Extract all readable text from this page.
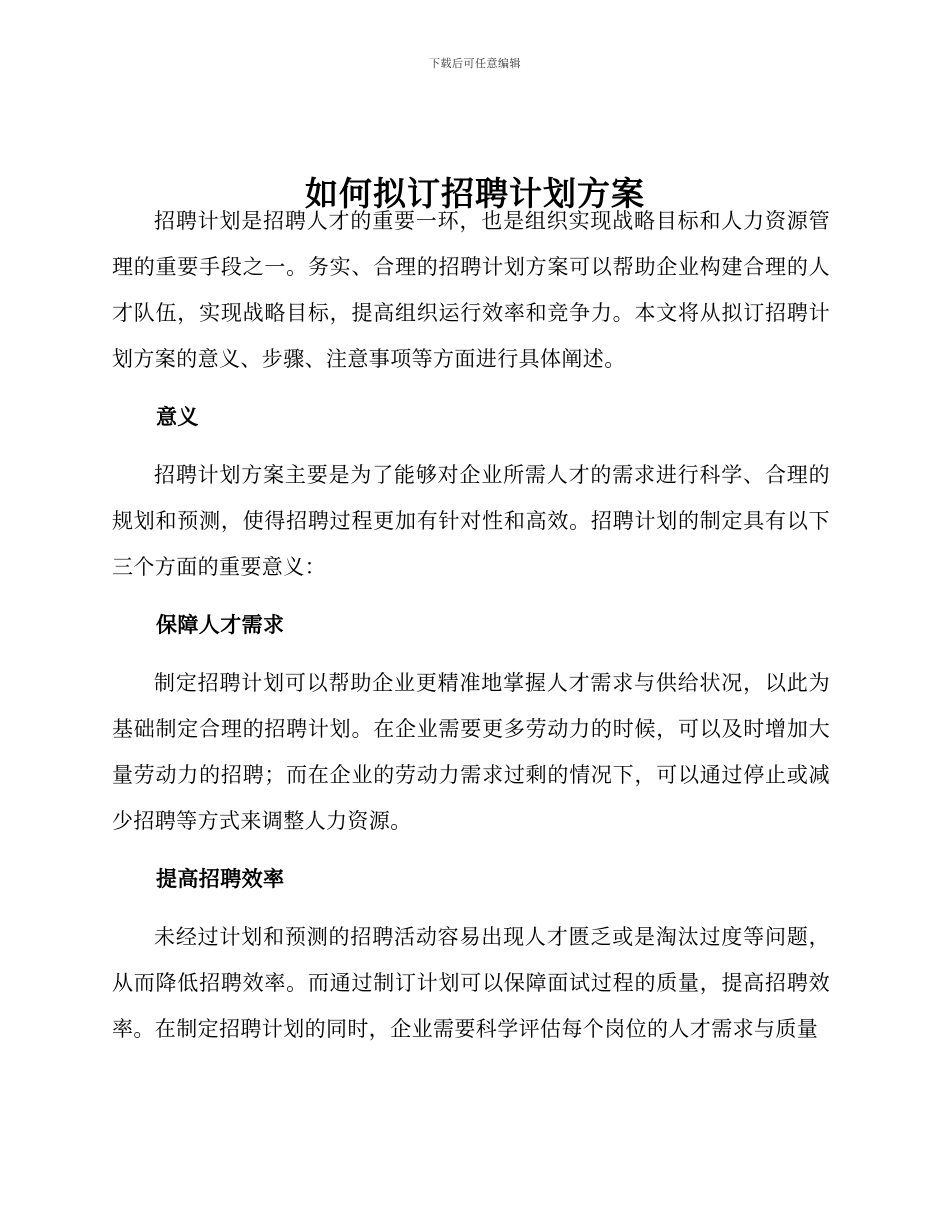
下载后可任意编辑
如何拟订招聘计划方案

招聘计划是招聘人才的重要一环，也是组织实现战略目标和人力资源管理的重要手段之一。务实、合理的招聘计划方案可以帮助企业构建合理的人才队伍，实现战略目标，提高组织运行效率和竞争力。本文将从拟订招聘计划方案的意义、步骤、注意事项等方面进行具体阐述。

意义

招聘计划方案主要是为了能够对企业所需人才的需求进行科学、合理的规划和预测，使得招聘过程更加有针对性和高效。招聘计划的制定具有以下三个方面的重要意义：

保障人才需求

制定招聘计划可以帮助企业更精准地掌握人才需求与供给状况，以此为基础制定合理的招聘计划。在企业需要更多劳动力的时候，可以及时增加大量劳动力的招聘；而在企业的劳动力需求过剩的情况下，可以通过停止或减少招聘等方式来调整人力资源。

提高招聘效率

未经过计划和预测的招聘活动容易出现人才匮乏或是淘汰过度等问题，从而降低招聘效率。而通过制订计划可以保障面试过程的质量，提高招聘效率。在制定招聘计划的同时，企业需要科学评估每个岗位的人才需求与质量
